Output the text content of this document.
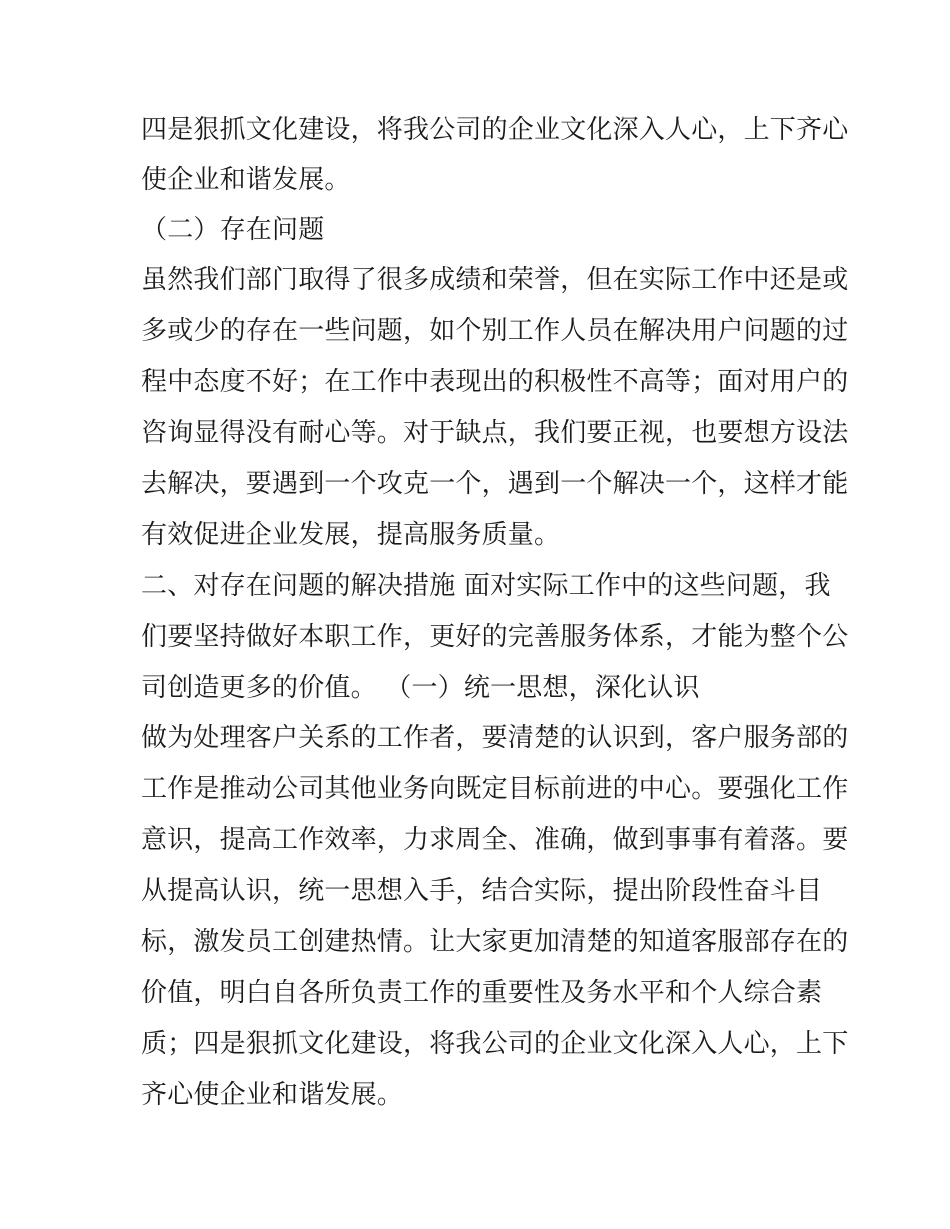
四是狠抓文化建设，将我公司的企业文化深入人心，上下齐心
使企业和谐发展。
（二）存在问题
虽然我们部门取得了很多成绩和荣誉，但在实际工作中还是或
多或少的存在一些问题，如个别工作人员在解决用户问题的过
程中态度不好；在工作中表现出的积极性不高等；面对用户的
咨询显得没有耐心等。对于缺点，我们要正视，也要想方设法
去解决，要遇到一个攻克一个，遇到一个解决一个，这样才能
有效促进企业发展，提高服务质量。
二、对存在问题的解决措施 面对实际工作中的这些问题，我
们要坚持做好本职工作，更好的完善服务体系，才能为整个公
司创造更多的价值。 （一）统一思想，深化认识
做为处理客户关系的工作者，要清楚的认识到，客户服务部的
工作是推动公司其他业务向既定目标前进的中心。要强化工作
意识，提高工作效率，力求周全、准确，做到事事有着落。要
从提高认识，统一思想入手，结合实际，提出阶段性奋斗目
标，激发员工创建热情。让大家更加清楚的知道客服部存在的
价值，明白自各所负责工作的重要性及务水平和个人综合素
质；四是狠抓文化建设，将我公司的企业文化深入人心，上下
齐心使企业和谐发展。
